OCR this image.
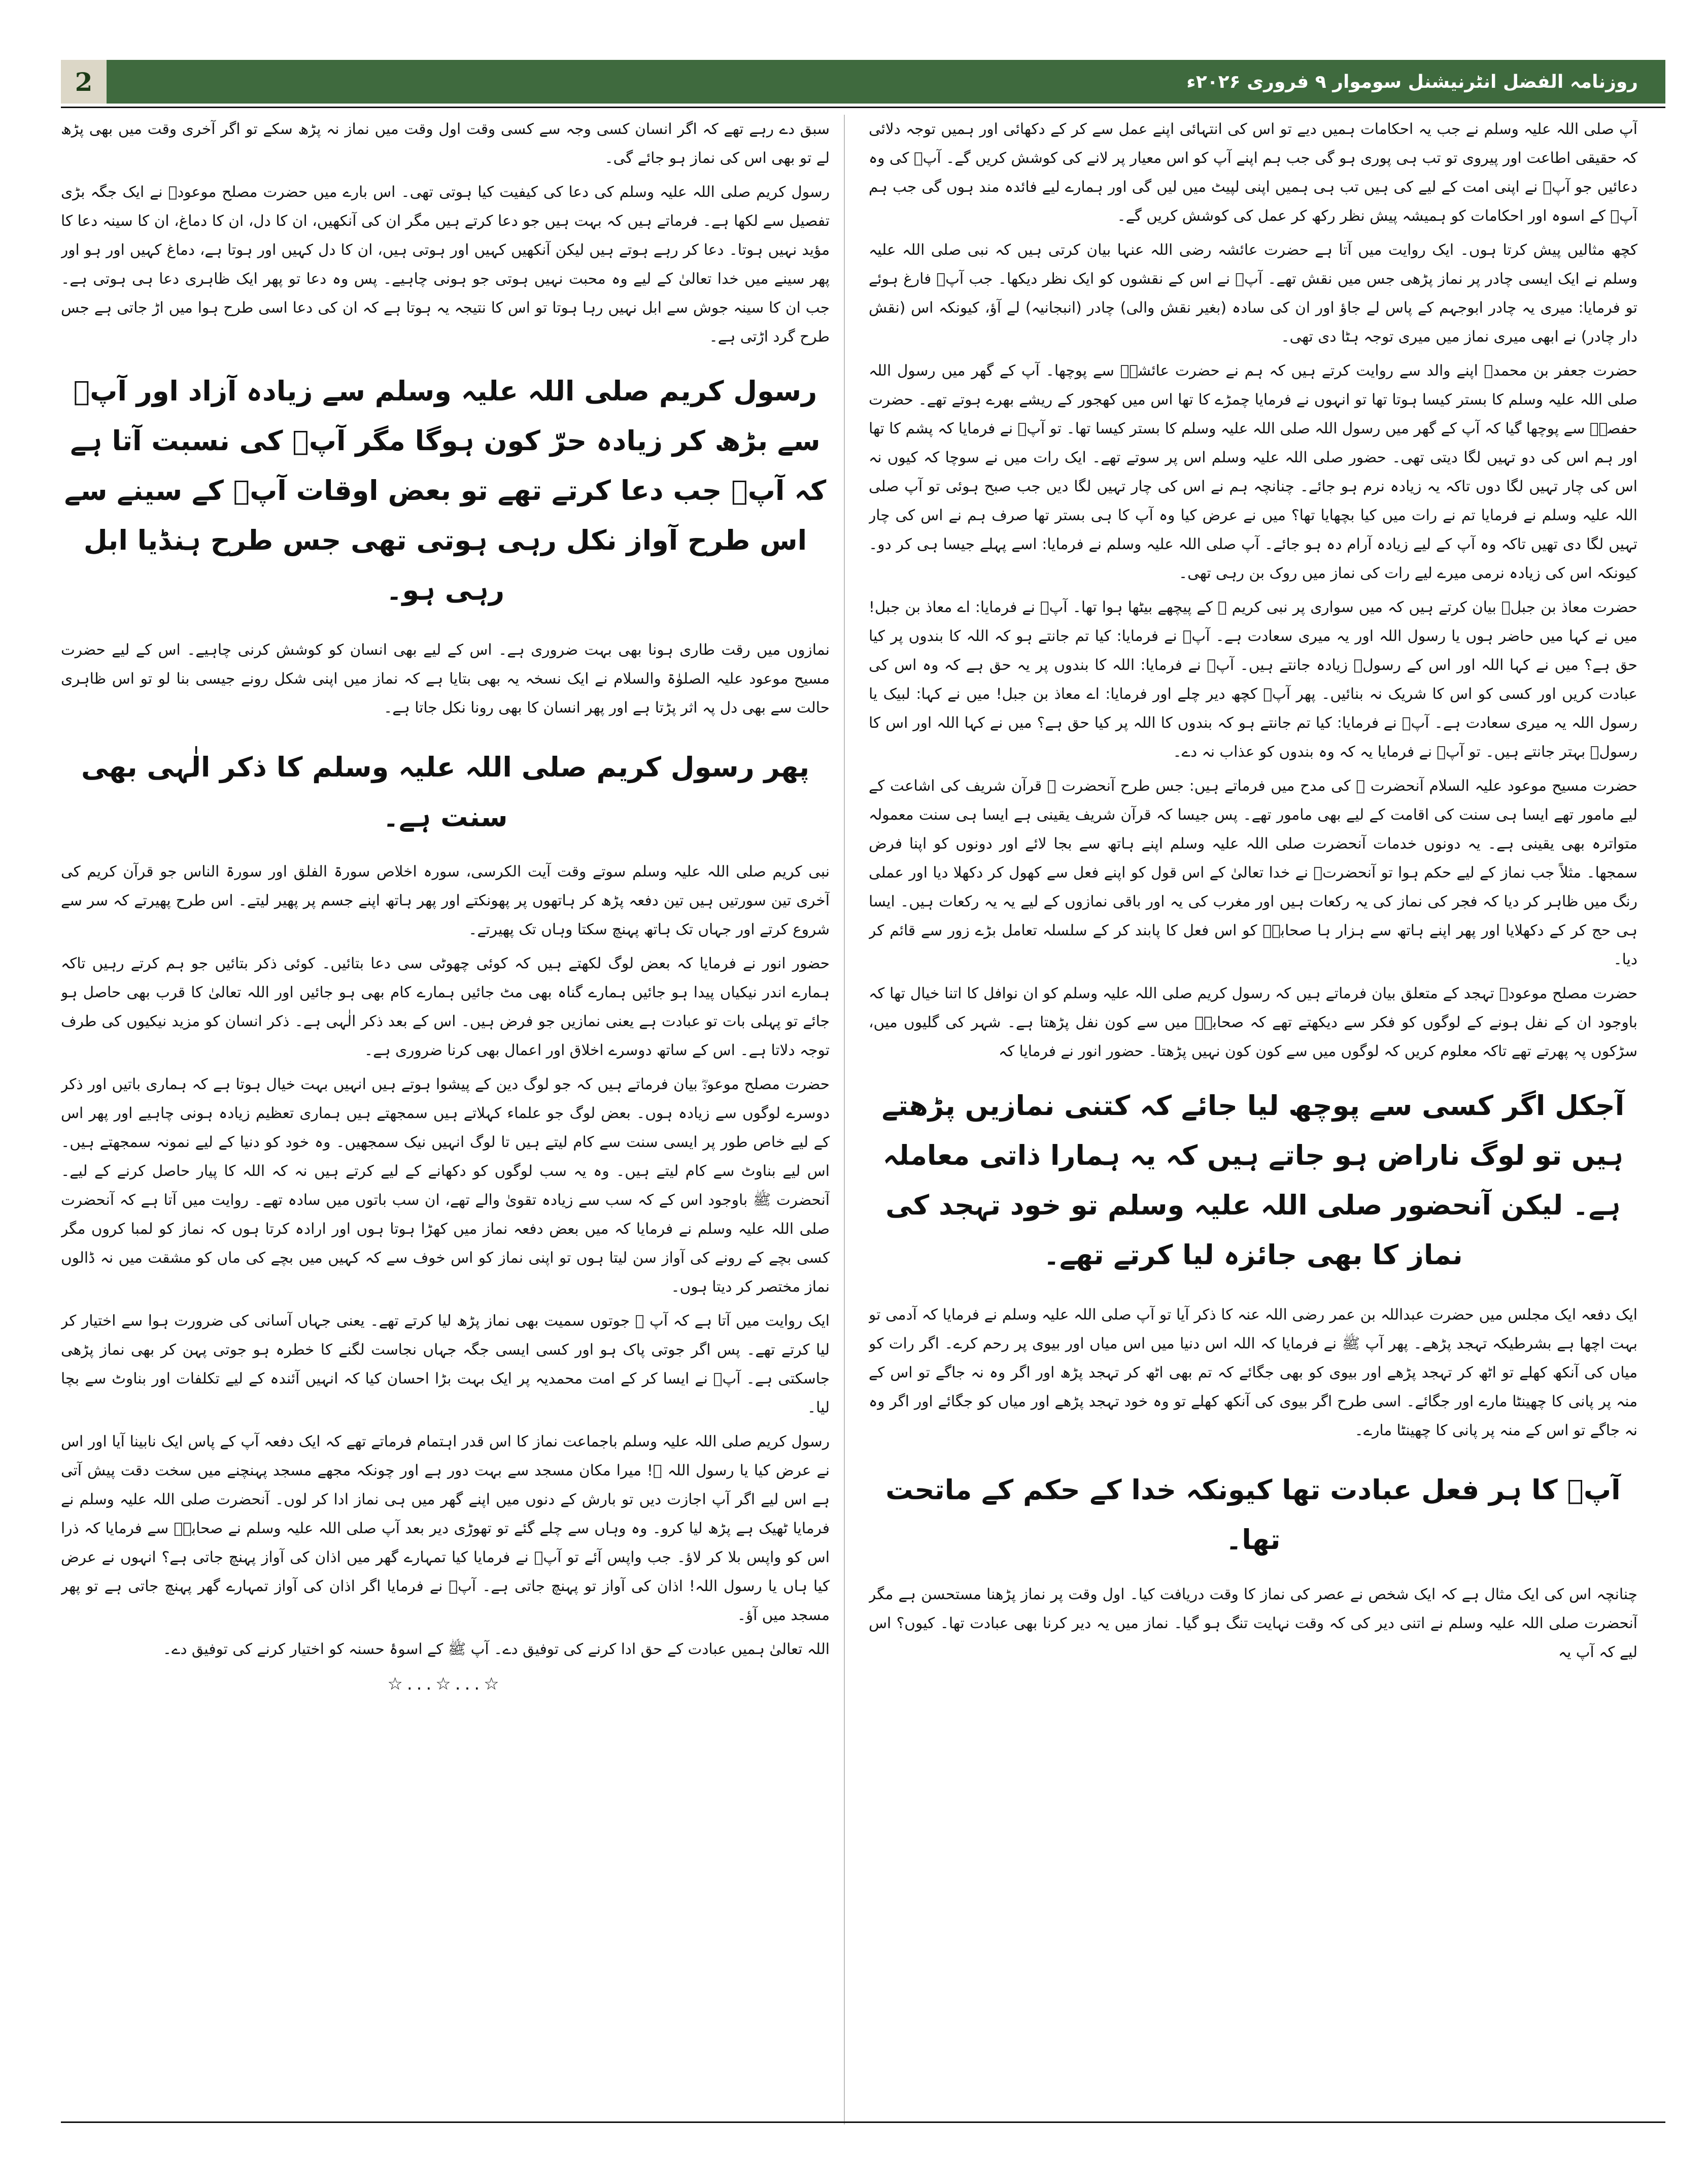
2	روزنامہ الفضل انٹرنیشنل سوموار ۹ فروری ۲۰۲۶ء

آپ صلی اللہ علیہ وسلم نے جب یہ احکامات ہمیں دیے تو اس کی انتہائی اپنے عمل سے کر کے دکھائی اور ہمیں توجہ دلائی کہ حقیقی اطاعت اور پیروی تو تب ہی پوری ہو گی جب ہم اپنے آپ کو اس معیار پر لانے کی کوشش کریں گے۔ آپؐ کی وہ دعائیں جو آپؐ نے اپنی امت کے لیے کی ہیں تب ہی ہمیں اپنی لپیٹ میں لیں گی اور ہمارے لیے فائدہ مند ہوں گی جب ہم آپؐ کے اسوہ اور احکامات کو ہمیشہ پیش نظر رکھ کر عمل کی کوشش کریں گے۔

کچھ مثالیں پیش کرتا ہوں۔ ایک روایت میں آتا ہے حضرت عائشہ رضی اللہ عنہا بیان کرتی ہیں کہ نبی صلی اللہ علیہ وسلم نے ایک ایسی چادر پر نماز پڑھی جس میں نقش تھے۔ آپؐ نے اس کے نقشوں کو ایک نظر دیکھا۔ جب آپؐ فارغ ہوئے تو فرمایا: میری یہ چادر ابوجہم کے پاس لے جاؤ اور ان کی سادہ (بغیر نقش والی) چادر (انبجانیہ) لے آؤ، کیونکہ اس (نقش دار چادر) نے ابھی میری نماز میں میری توجہ ہٹا دی تھی۔

حضرت جعفر بن محمدؒ اپنے والد سے روایت کرتے ہیں کہ ہم نے حضرت عائشہؓ سے پوچھا۔ آپ کے گھر میں رسول اللہ صلی اللہ علیہ وسلم کا بستر کیسا ہوتا تھا تو انہوں نے فرمایا چمڑے کا تھا اس میں کھجور کے ریشے بھرے ہوتے تھے۔ حضرت حفصہؓ سے پوچھا گیا کہ آپ کے گھر میں رسول اللہ صلی اللہ علیہ وسلم کا بستر کیسا تھا۔ تو آپؓ نے فرمایا کہ پشم کا تھا اور ہم اس کی دو تہیں لگا دیتی تھی۔ حضور صلی اللہ علیہ وسلم اس پر سوتے تھے۔ ایک رات میں نے سوچا کہ کیوں نہ اس کی چار تہیں لگا دوں تاکہ یہ زیادہ نرم ہو جائے۔ چنانچہ ہم نے اس کی چار تہیں لگا دیں جب صبح ہوئی تو آپ صلی اللہ علیہ وسلم نے فرمایا تم نے رات میں کیا بچھایا تھا؟ میں نے عرض کیا وہ آپ کا ہی بستر تھا صرف ہم نے اس کی چار تہیں لگا دی تھیں تاکہ وہ آپ کے لیے زیادہ آرام دہ ہو جائے۔ آپ صلی اللہ علیہ وسلم نے فرمایا: اسے پہلے جیسا ہی کر دو۔ کیونکہ اس کی زیادہ نرمی میرے لیے رات کی نماز میں روک بن رہی تھی۔

حضرت معاذ بن جبلؓ بیان کرتے ہیں کہ میں سواری پر نبی کریم ﷺ کے پیچھے بیٹھا ہوا تھا۔ آپؐ نے فرمایا: اے معاذ بن جبل! میں نے کہا میں حاضر ہوں یا رسول اللہ اور یہ میری سعادت ہے۔ آپؐ نے فرمایا: کیا تم جانتے ہو کہ اللہ کا بندوں پر کیا حق ہے؟ میں نے کہا اللہ اور اس کے رسولؐ زیادہ جانتے ہیں۔ آپؐ نے فرمایا: اللہ کا بندوں پر یہ حق ہے کہ وہ اس کی عبادت کریں اور کسی کو اس کا شریک نہ بنائیں۔ پھر آپؐ کچھ دیر چلے اور فرمایا: اے معاذ بن جبل! میں نے کہا: لبیک یا رسول اللہ یہ میری سعادت ہے۔ آپؐ نے فرمایا: کیا تم جانتے ہو کہ بندوں کا اللہ پر کیا حق ہے؟ میں نے کہا اللہ اور اس کا رسولؐ بہتر جانتے ہیں۔ تو آپؐ نے فرمایا یہ کہ وہ بندوں کو عذاب نہ دے۔

حضرت مسیح موعود علیہ السلام آنحضرت ﷺ کی مدح میں فرماتے ہیں: جس طرح آنحضرت ﷺ قرآن شریف کی اشاعت کے لیے مامور تھے ایسا ہی سنت کی اقامت کے لیے بھی مامور تھے۔ پس جیسا کہ قرآن شریف یقینی ہے ایسا ہی سنت معمولہ متواترہ بھی یقینی ہے۔ یہ دونوں خدمات آنحضرت صلی اللہ علیہ وسلم اپنے ہاتھ سے بجا لائے اور دونوں کو اپنا فرض سمجھا۔ مثلاً جب نماز کے لیے حکم ہوا تو آنحضرتؐ نے خدا تعالیٰ کے اس قول کو اپنے فعل سے کھول کر دکھلا دیا اور عملی رنگ میں ظاہر کر دیا کہ فجر کی نماز کی یہ رکعات ہیں اور مغرب کی یہ اور باقی نمازوں کے لیے یہ یہ رکعات ہیں۔ ایسا ہی حج کر کے دکھلایا اور پھر اپنے ہاتھ سے ہزار ہا صحابہؓ کو اس فعل کا پابند کر کے سلسلہ تعامل بڑے زور سے قائم کر دیا۔

حضرت مصلح موعودؓ تہجد کے متعلق بیان فرماتے ہیں کہ رسول کریم صلی اللہ علیہ وسلم کو ان نوافل کا اتنا خیال تھا کہ باوجود ان کے نفل ہونے کے لوگوں کو فکر سے دیکھتے تھے کہ صحابہؓ میں سے کون نفل پڑھتا ہے۔ شہر کی گلیوں میں، سڑکوں پہ پھرتے تھے تاکہ معلوم کریں کہ لوگوں میں سے کون کون نہیں پڑھتا۔ حضور انور نے فرمایا کہ

آجکل اگر کسی سے پوچھ لیا جائے کہ کتنی نمازیں پڑھتے ہیں تو لوگ ناراض ہو جاتے ہیں کہ یہ ہمارا ذاتی معاملہ ہے۔ لیکن آنحضور صلی اللہ علیہ وسلم تو خود تہجد کی نماز کا بھی جائزہ لیا کرتے تھے۔

ایک دفعہ ایک مجلس میں حضرت عبداللہ بن عمر رضی اللہ عنہ کا ذکر آیا تو آپ صلی اللہ علیہ وسلم نے فرمایا کہ آدمی تو بہت اچھا ہے بشرطیکہ تہجد پڑھے۔ پھر آپ ﷺ نے فرمایا کہ اللہ اس دنیا میں اس میاں اور بیوی پر رحم کرے۔ اگر رات کو میاں کی آنکھ کھلے تو اٹھ کر تہجد پڑھے اور بیوی کو بھی جگائے کہ تم بھی اٹھ کر تہجد پڑھ اور اگر وہ نہ جاگے تو اس کے منہ پر پانی کا چھینٹا مارے اور جگائے۔ اسی طرح اگر بیوی کی آنکھ کھلے تو وہ خود تہجد پڑھے اور میاں کو جگائے اور اگر وہ نہ جاگے تو اس کے منہ پر پانی کا چھینٹا مارے۔

آپؐ کا ہر فعل عبادت تھا کیونکہ خدا کے حکم کے ماتحت تھا۔

چنانچہ اس کی ایک مثال ہے کہ ایک شخص نے عصر کی نماز کا وقت دریافت کیا۔ اول وقت پر نماز پڑھنا مستحسن ہے مگر آنحضرت صلی اللہ علیہ وسلم نے اتنی دیر کی کہ وقت نہایت تنگ ہو گیا۔ نماز میں یہ دیر کرنا بھی عبادت تھا۔ کیوں؟ اس لیے کہ آپ یہ

سبق دے رہے تھے کہ اگر انسان کسی وجہ سے کسی وقت اول وقت میں نماز نہ پڑھ سکے تو اگر آخری وقت میں بھی پڑھ لے تو بھی اس کی نماز ہو جائے گی۔

رسول کریم صلی اللہ علیہ وسلم کی دعا کی کیفیت کیا ہوتی تھی۔ اس بارے میں حضرت مصلح موعودؓ نے ایک جگہ بڑی تفصیل سے لکھا ہے۔ فرماتے ہیں کہ بہت ہیں جو دعا کرتے ہیں مگر ان کی آنکھیں، ان کا دل، ان کا دماغ، ان کا سینہ دعا کا مؤید نہیں ہوتا۔ دعا کر رہے ہوتے ہیں لیکن آنکھیں کہیں اور ہوتی ہیں، ان کا دل کہیں اور ہوتا ہے، دماغ کہیں اور ہو اور پھر سینے میں خدا تعالیٰ کے لیے وہ محبت نہیں ہوتی جو ہونی چاہیے۔ پس وہ دعا تو پھر ایک ظاہری دعا ہی ہوتی ہے۔ جب ان کا سینہ جوش سے ابل نہیں رہا ہوتا تو اس کا نتیجہ یہ ہوتا ہے کہ ان کی دعا اسی طرح ہوا میں اڑ جاتی ہے جس طرح گرد اڑتی ہے۔

رسول کریم صلی اللہ علیہ وسلم سے زیادہ آزاد اور آپؐ سے بڑھ کر زیادہ حرّ کون ہوگا مگر آپؐ کی نسبت آتا ہے کہ آپؐ جب دعا کرتے تھے تو بعض اوقات آپؐ کے سینے سے اس طرح آواز نکل رہی ہوتی تھی جس طرح ہنڈیا ابل رہی ہو۔

نمازوں میں رقت طاری ہونا بھی بہت ضروری ہے۔ اس کے لیے بھی انسان کو کوشش کرنی چاہیے۔ اس کے لیے حضرت مسیح موعود علیہ الصلوٰۃ والسلام نے ایک نسخہ یہ بھی بتایا ہے کہ نماز میں اپنی شکل رونے جیسی بنا لو تو اس ظاہری حالت سے بھی دل پہ اثر پڑتا ہے اور پھر انسان کا بھی رونا نکل جاتا ہے۔

پھر رسول کریم صلی اللہ علیہ وسلم کا ذکر الٰہی بھی سنت ہے۔

نبی کریم صلی اللہ علیہ وسلم سوتے وقت آیت الکرسی، سورہ اخلاص سورۃ الفلق اور سورۃ الناس جو قرآن کریم کی آخری تین سورتیں ہیں تین دفعہ پڑھ کر ہاتھوں پر پھونکتے اور پھر ہاتھ اپنے جسم پر پھیر لیتے۔ اس طرح پھیرتے کہ سر سے شروع کرتے اور جہاں تک ہاتھ پہنچ سکتا وہاں تک پھیرتے۔

حضور انور نے فرمایا کہ بعض لوگ لکھتے ہیں کہ کوئی چھوٹی سی دعا بتائیں۔ کوئی ذکر بتائیں جو ہم کرتے رہیں تاکہ ہمارے اندر نیکیاں پیدا ہو جائیں ہمارے گناہ بھی مٹ جائیں ہمارے کام بھی ہو جائیں اور اللہ تعالیٰ کا قرب بھی حاصل ہو جائے تو پہلی بات تو عبادت ہے یعنی نمازیں جو فرض ہیں۔ اس کے بعد ذکر الٰہی ہے۔ ذکر انسان کو مزید نیکیوں کی طرف توجہ دلاتا ہے۔ اس کے ساتھ دوسرے اخلاق اور اعمال بھی کرنا ضروری ہے۔

حضرت مصلح موعودؓ بیان فرماتے ہیں کہ جو لوگ دین کے پیشوا ہوتے ہیں انہیں بہت خیال ہوتا ہے کہ ہماری باتیں اور ذکر دوسرے لوگوں سے زیادہ ہوں۔ بعض لوگ جو علماء کہلاتے ہیں سمجھتے ہیں ہماری تعظیم زیادہ ہونی چاہیے اور پھر اس کے لیے خاص طور پر ایسی سنت سے کام لیتے ہیں تا لوگ انہیں نیک سمجھیں۔ وہ خود کو دنیا کے لیے نمونہ سمجھتے ہیں۔ اس لیے بناوٹ سے کام لیتے ہیں۔ وہ یہ سب لوگوں کو دکھانے کے لیے کرتے ہیں نہ کہ اللہ کا پیار حاصل کرنے کے لیے۔ آنحضرت ﷺ باوجود اس کے کہ سب سے زیادہ تقویٰ والے تھے، ان سب باتوں میں سادہ تھے۔ روایت میں آتا ہے کہ آنحضرت صلی اللہ علیہ وسلم نے فرمایا کہ میں بعض دفعہ نماز میں کھڑا ہوتا ہوں اور ارادہ کرتا ہوں کہ نماز کو لمبا کروں مگر کسی بچے کے رونے کی آواز سن لیتا ہوں تو اپنی نماز کو اس خوف سے کہ کہیں میں بچے کی ماں کو مشقت میں نہ ڈالوں نماز مختصر کر دیتا ہوں۔

ایک روایت میں آتا ہے کہ آپ ﷺ جوتوں سمیت بھی نماز پڑھ لیا کرتے تھے۔ یعنی جہاں آسانی کی ضرورت ہوا سے اختیار کر لیا کرتے تھے۔ پس اگر جوتی پاک ہو اور کسی ایسی جگہ جہاں نجاست لگنے کا خطرہ ہو جوتی پہن کر بھی نماز پڑھی جاسکتی ہے۔ آپؐ نے ایسا کر کے امت محمدیہ پر ایک بہت بڑا احسان کیا کہ انہیں آئندہ کے لیے تکلفات اور بناوٹ سے بچا لیا۔

رسول کریم صلی اللہ علیہ وسلم باجماعت نماز کا اس قدر اہتمام فرماتے تھے کہ ایک دفعہ آپ کے پاس ایک نابینا آیا اور اس نے عرض کیا یا رسول اللہ ﷺ! میرا مکان مسجد سے بہت دور ہے اور چونکہ مجھے مسجد پہنچنے میں سخت دقت پیش آتی ہے اس لیے اگر آپ اجازت دیں تو بارش کے دنوں میں اپنے گھر میں ہی نماز ادا کر لوں۔ آنحضرت صلی اللہ علیہ وسلم نے فرمایا ٹھیک ہے پڑھ لیا کرو۔ وہ وہاں سے چلے گئے تو تھوڑی دیر بعد آپ صلی اللہ علیہ وسلم نے صحابہؓ سے فرمایا کہ ذرا اس کو واپس بلا کر لاؤ۔ جب واپس آئے تو آپؐ نے فرمایا کیا تمہارے گھر میں اذان کی آواز پہنچ جاتی ہے؟ انہوں نے عرض کیا ہاں یا رسول اللہ! اذان کی آواز تو پہنچ جاتی ہے۔ آپؐ نے فرمایا اگر اذان کی آواز تمہارے گھر پہنچ جاتی ہے تو پھر مسجد میں آؤ۔

اللہ تعالیٰ ہمیں عبادت کے حق ادا کرنے کی توفیق دے۔ آپ ﷺ کے اسوۂ حسنہ کو اختیار کرنے کی توفیق دے۔

☆...☆...☆
